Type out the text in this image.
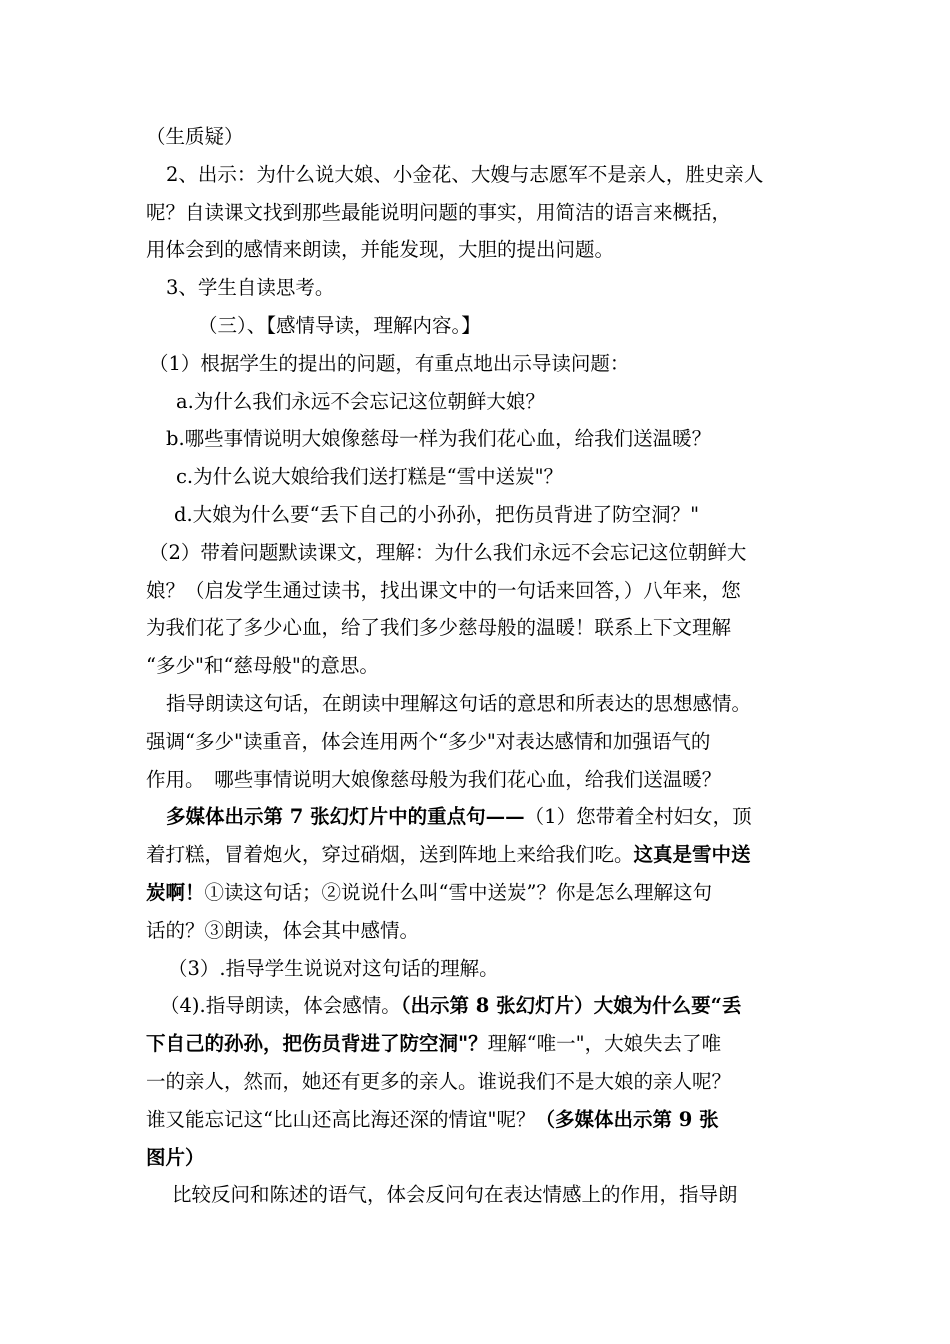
（生质疑）
2、出示：为什么说大娘、小金花、大嫂与志愿军不是亲人，胜史亲人
呢？自读课文找到那些最能说明问题的事实，用简洁的语言来概括，
用体会到的感情来朗读，并能发现，大胆的提出问题。
3、学生自读思考。
（三）、【感情导读，理解内容。】
（1）根据学生的提出的问题，有重点地出示导读问题：
a.为什么我们永远不会忘记这位朝鲜大娘？
b.哪些事情说明大娘像慈母一样为我们花心血，给我们送温暖？
c.为什么说大娘给我们送打糕是“雪中送炭"？
d.大娘为什么要“丢下自己的小孙孙，把伤员背进了防空洞？"
（2）带着问题默读课文，理解：为什么我们永远不会忘记这位朝鲜大
娘？（启发学生通过读书，找出课文中的一句话来回答，）八年来，您
为我们花了多少心血，给了我们多少慈母般的温暖！联系上下文理解
“多少"和“慈母般"的意思。
指导朗读这句话，在朗读中理解这句话的意思和所表达的思想感情。
强调“多少"读重音，体会连用两个“多少"对表达感情和加强语气的
作用。　哪些事情说明大娘像慈母般为我们花心血，给我们送温暖？
多媒体出示第 7 张幻灯片中的重点句——（1）您带着全村妇女，顶
着打糕，冒着炮火，穿过硝烟，送到阵地上来给我们吃。这真是雪中送
炭啊！①读这句话；②说说什么叫“雪中送炭”？你是怎么理解这句
话的？③朗读，体会其中感情。
（3）.指导学生说说对这句话的理解。
（4).指导朗读，体会感情。（出示第 8 张幻灯片）大娘为什么要“丢
下自己的孙孙，把伤员背进了防空洞"？理解“唯一"，大娘失去了唯
一的亲人，然而，她还有更多的亲人。谁说我们不是大娘的亲人呢？
谁又能忘记这“比山还高比海还深的情谊"呢？（多媒体出示第 9 张
图片）
比较反问和陈述的语气，体会反问句在表达情感上的作用，指导朗
